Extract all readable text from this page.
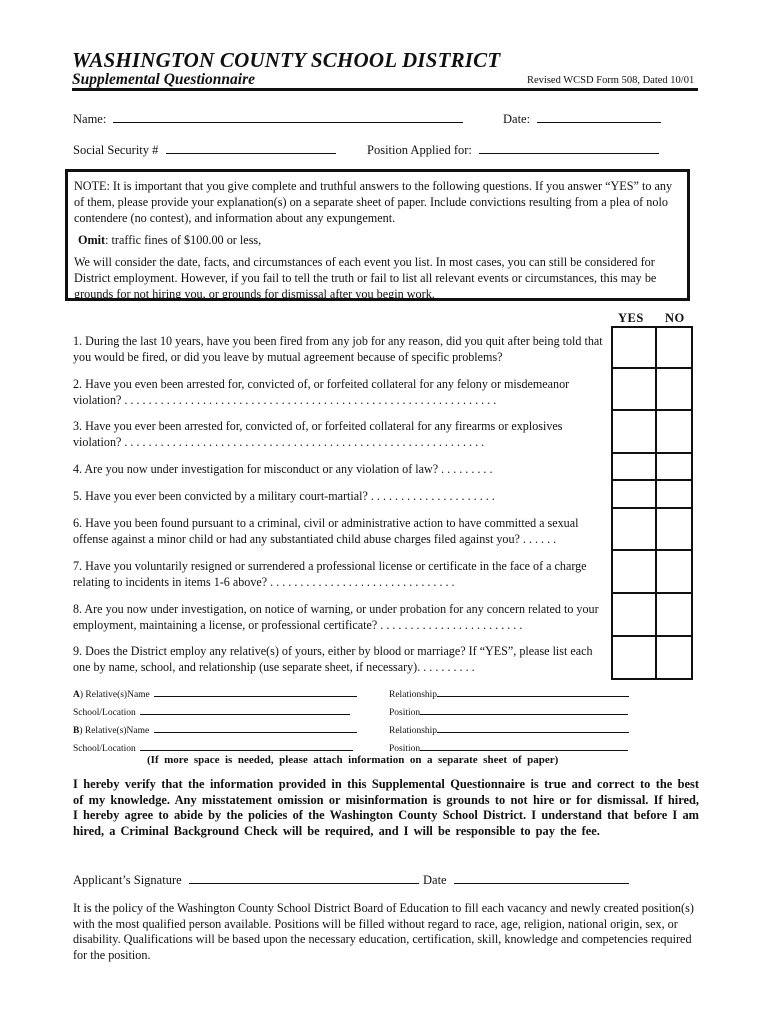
WASHINGTON COUNTY SCHOOL DISTRICT
Supplemental Questionnaire	Revised WCSD Form 508, Dated 10/01
Name:	Date:
Social Security #	Position Applied for:

NOTE: It is important that you give complete and truthful answers to the following questions. If you answer “YES” to any of them, please provide your explanation(s) on a separate sheet of paper. Include convictions resulting from a plea of nolo contendere (no contest), and information about any expungement.

Omit: traffic fines of $100.00 or less,

We will consider the date, facts, and circumstances of each event you list. In most cases, you can still be considered for District employment. However, if you fail to tell the truth or fail to list all relevant events or circumstances, this may be grounds for not hiring you, or grounds for dismissal after you begin work.

YES NO
1. During the last 10 years, have you been fired from any job for any reason, did you quit after being told that you would be fired, or did you leave by mutual agreement because of specific problems?
2. Have you even been arrested for, convicted of, or forfeited collateral for any felony or misdemeanor violation? . . . . . . . . . . . . . . . . . . . . . . . . . . . . . . . . . . . . . . . . . . . . . . . . . . . . . . . . . . . . . .
3. Have you ever been arrested for, convicted of, or forfeited collateral for any firearms or explosives violation? . . . . . . . . . . . . . . . . . . . . . . . . . . . . . . . . . . . . . . . . . . . . . . . . . . . . . . . . . . . .
4. Are you now under investigation for misconduct or any violation of law? . . . . . . . . .
5. Have you ever been convicted by a military court-martial? . . . . . . . . . . . . . . . . . . . . .
6. Have you been found pursuant to a criminal, civil or administrative action to have committed a sexual offense against a minor child or had any substantiated child abuse charges filed against you? . . . . . .
7. Have you voluntarily resigned or surrendered a professional license or certificate in the face of a charge relating to incidents in items 1-6 above? . . . . . . . . . . . . . . . . . . . . . . . . . . . . . . .
8. Are you now under investigation, on notice of warning, or under probation for any concern related to your employment, maintaining a license, or professional certificate? . . . . . . . . . . . . . . . . . . . . . . . .
9. Does the District employ any relative(s) of yours, either by blood or marriage? If “YES”, please list each one by name, school, and relationship (use separate sheet, if necessary). . . . . . . . . .
A) Relative(s)Name	Relationship
School/Location	Position
B) Relative(s)Name	Relationship
School/Location	Position
(If  more  space  is  needed,  please  attach  information  on  a  separate  sheet  of  paper)
I hereby verify that the information provided in this Supplemental Questionnaire is true and correct to the best of my knowledge. Any misstatement omission or misinformation is grounds to not hire or for dismissal. If hired, I hereby agree to abide by the policies of the Washington County School District. I understand that before I am hired, a Criminal Background Check will be required, and I will be responsible to pay the fee.
Applicant’s Signature	Date
It is the policy of the Washington County School District Board of Education to fill each vacancy and newly created position(s) with the most qualified person available. Positions will be filled without regard to race, age, religion, national origin, sex, or disability. Qualifications will be based upon the necessary education, certification, skill, knowledge and competencies required for the position.
